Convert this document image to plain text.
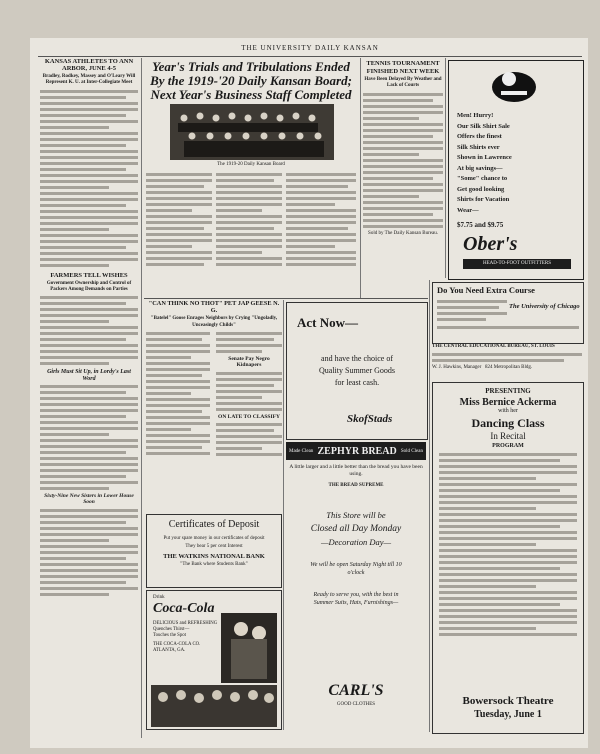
THE UNIVERSITY DAILY KANSAN
KANSAS ATHLETES TO ANN ARBOR, JUNE 4-5
Bradley, Rodkey, Massey and O'Leary Will Represent K. U. at Inter-Collegiate Meet
FARMERS TELL WISHES
Government Ownership and Control of Packers Among Demands on Parties
Girls Must Sit Up, in Lordy's Last Word
Sixty-Nine New Sisters in Lower House Soon
Year's Trials and Tribulations Ended
By the 1919-'20 Daily Kansan Board;
Next Year's Business Staff Completed
The 1919-20 Daily Kansan Board
TENNIS TOURNAMENT FINISHED NEXT WEEK
Have Been Delayed By Weather and Lack of Courts
Sold by The Daily Kansan Bureau.
Men! Hurry!
Our Silk Shirt Sale
Offers the finest
Silk Shirts ever
Shown in Lawrence
At big savings—
"Some" chance to
Get good looking
Shirts for Vacation
Wear—
$7.75 and $9.75
Ober's
HEAD-TO-FOOT OUTFITTERS
Do You Need Extra Course
The University of Chicago
THE CENTRAL EDUCATIONAL BUREAU, ST. LOUIS
W. J. Hawkins, Manager 824 Metropolitan Bldg.
PRESENTING
Miss Bernice Ackerma
with her
Dancing Class
In Recital
PROGRAM
Bowersock Theatre
Tuesday, June 1
"CAN THINK NO THOT" PET JAP GEESE N. G.
"Batelel" Goose Enrages Neighbors by Crying "Ungoladly, Unceasingly Childs"
Senate Pay Negro Kidnapers
ON LATE TO CLASSIFY
Act Now—
and have the choice of
Quality Summer Goods
for least cash.
SkofStads
Made Clean ZEPHYR BREAD Sold Clean
A little larger and a little better than the bread you have been using.
THE BREAD SUPREME
Certificates of Deposit
Put your spare money in our certificates of deposit
They bear 5 per cent Interest
THE WATKINS NATIONAL BANK
"The Bank where Students Bank"
Drink
Coca-Cola
DELICIOUS and REFRESHING
Quenches Thirst—
Touches the Spot
THE COCA-COLA CO.
ATLANTA, GA.
This Store will be
Closed all Day Monday
—Decoration Day—
We will be open Saturday Night till 10 o'clock
Ready to serve you, with the best in Summer Suits, Hats, Furnishings—
CARL'S
GOOD CLOTHES
